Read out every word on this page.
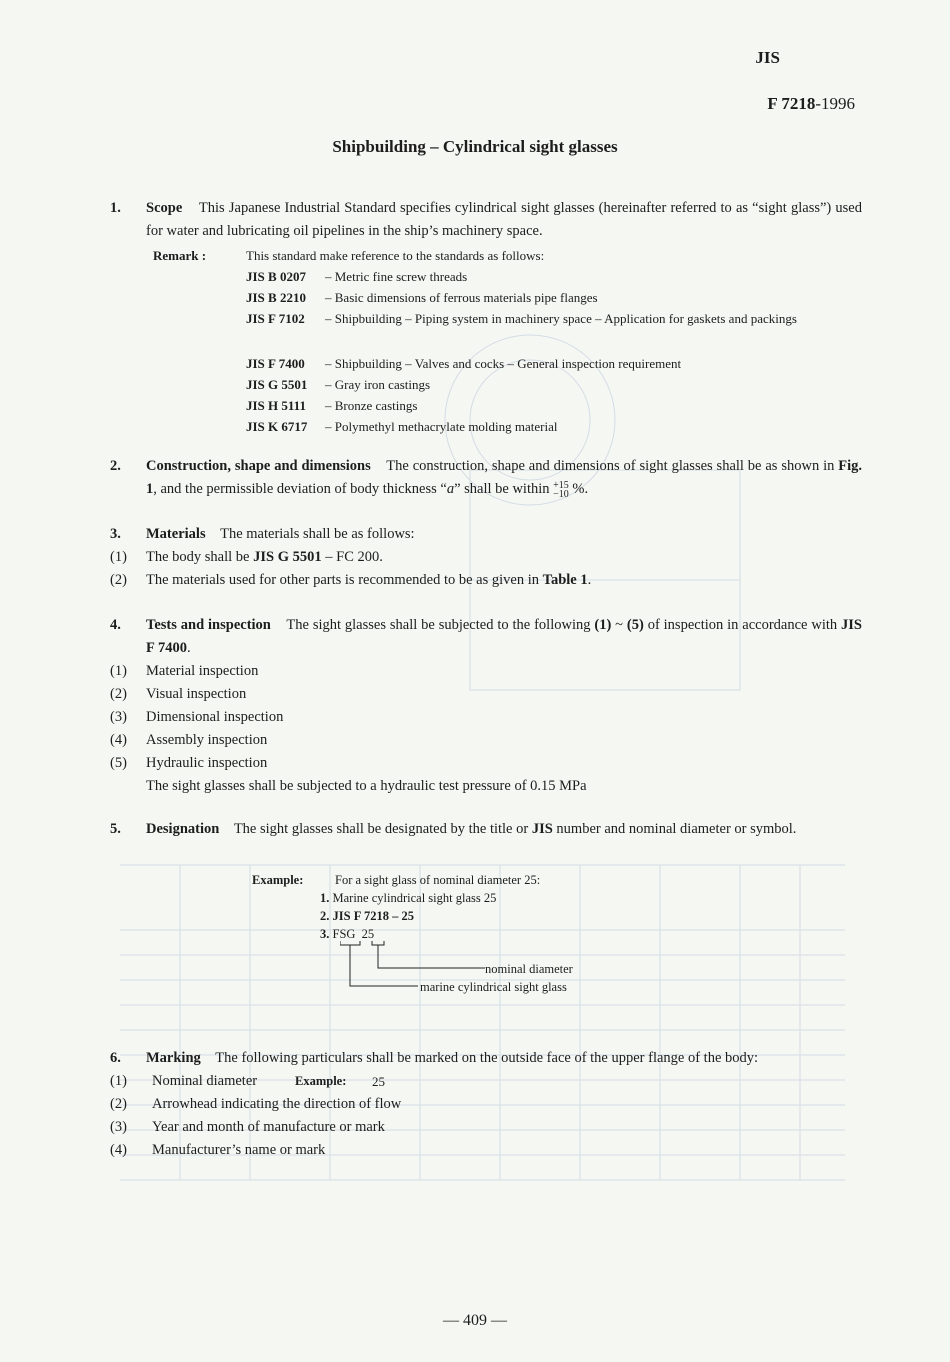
JIS
F 7218-1996
Shipbuilding – Cylindrical sight glasses
1. Scope This Japanese Industrial Standard specifies cylindrical sight glasses (hereinafter referred to as “sight glass”) used for water and lubricating oil pipelines in the ship’s machinery space.
Remark :	This standard make reference to the standards as follows:
JIS B 0207 – Metric fine screw threads
JIS B 2210 – Basic dimensions of ferrous materials pipe flanges
JIS F 7102 – Shipbuilding – Piping system in machinery space – Application for gaskets and packings
JIS F 7400 – Shipbuilding – Valves and cocks – General inspection requirement
JIS G 5501 – Gray iron castings
JIS H 5111 – Bronze castings
JIS K 6717 – Polymethyl methacrylate molding material
2. Construction, shape and dimensions The construction, shape and dimensions of sight glasses shall be as shown in Fig. 1, and the permissible deviation of body thickness “a” shall be within +15
−10 %.
3. Materials The materials shall be as follows:
(1) The body shall be JIS G 5501 – FC 200.
(2) The materials used for other parts is recommended to be as given in Table 1.
4. Tests and inspection The sight glasses shall be subjected to the following (1) ~ (5) of inspection in accordance with JIS F 7400.
(1) Material inspection
(2) Visual inspection
(3) Dimensional inspection
(4) Assembly inspection
(5) Hydraulic inspection
The sight glasses shall be subjected to a hydraulic test pressure of 0.15 MPa
5. Designation The sight glasses shall be designated by the title or JIS number and nominal diameter or symbol.
Example:	For a sight glass of nominal diameter 25:
1. Marine cylindrical sight glass 25
2. JIS F 7218 – 25
3. FSG  25
nominal diameter
marine cylindrical sight glass
6. Marking The following particulars shall be marked on the outside face of the upper flange of the body:
(1) Nominal diameter	Example: 25
(2) Arrowhead indicating the direction of flow
(3) Year and month of manufacture or mark
(4) Manufacturer’s name or mark
— 409 —
